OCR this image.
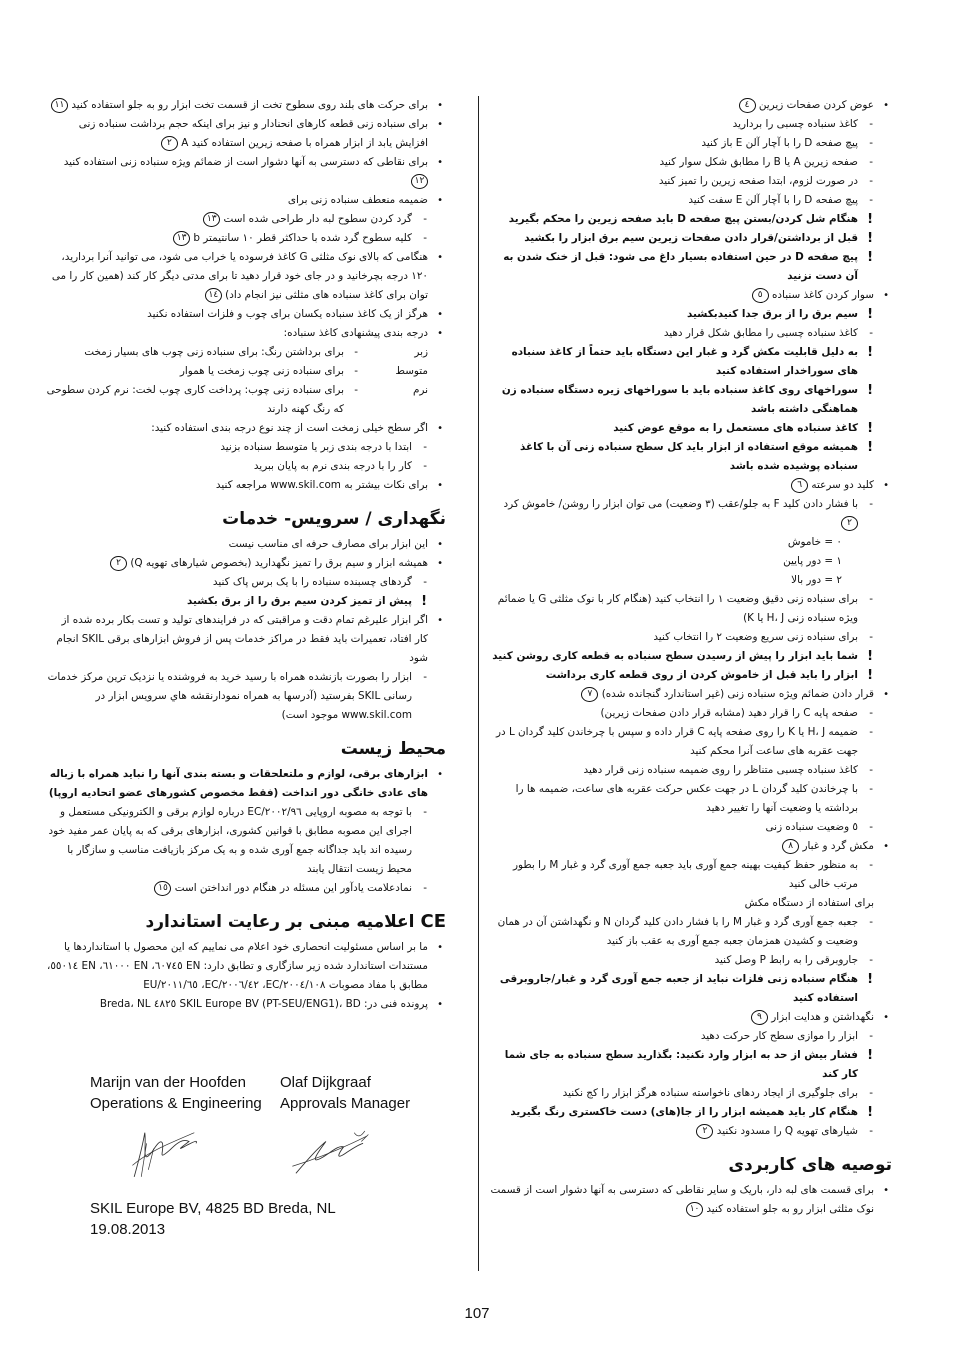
• عوض کردن صفحات زیرین ٤
- کاغذ سنباده چسبی را بردارید
- پیچ صفحه D را با آچار آلن E باز کنید
- صفحه زیرین A یا B را مطابق شکل سوار کنید
- در صورت لزوم، ابتدا صفحه زیرین را تمیز کنید
- پیچ صفحه D را با آچار آلن E سفت کنید
! هنگام شل کردن/بستن پیچ صفحه D باید صفحه زیرین را محکم بگیرید
! قبل از برداشتن/قرار دادن صفحات زیرین سیم برق ابزار را بکشید
! پیچ صفحه D در حین استفاده بسیار داغ می شود: قبل از خنک شدن به آن دست نزنید
• سوار کردن کاغذ سنباده ٥
! سیم برق را از برق جدا کنیدبکشید
- کاغذ سنباده چسبی را مطابق شکل قرار دهید
! به دلیل قابلیت مکش گرد و غبار این دستگاه باید حتماً از کاغذ سنباده های سوراخدار استفاده کنید
! سوراخهای روی کاغذ سنباده باید با سوراخهای زیره دستگاه سنباده زن هماهنگی داشته باشد
! کاغذ سنباده های مستعمل را به موقع عوض کنید
! همیشه موقع استفاده از ابزار باید کل سطح سنباده زنی آن با کاغذ سنباده پوشیده شده باشد
• کلید دو سرعته ٦
- با فشار دادن کلید F به جلو/عقب (٣ وضعیت) می توان ابزار را روشن/ خاموش کرد ٢
٠ = خاموش
١ = دور پایین
٢ = دور بالا
- برای سنباده زنی دقیق وضعیت ١ را انتخاب کنید (هنگام کار با نوک مثلثی G یا ضمائم ویژه سنباده زنی H، J یا K)
- برای سنباده زنی سریع وضعیت ٢ را انتخاب کنید
! شما باید ابزار را پیش از رسیدن سطح سنباده به قطعه کاری روشن کنید
! ابزار را باید قبل از خاموش کردن از روی قطعه کاری برداشت
• قرار دادن ضمائم ویژه سنباده زنی (غیر استاندارد گنجانده شده) ٧
- صفحه پایه C را قرار دهید (مشابه قرار دادن صفحات زیرین)
- ضمیمه H، J یا K را روی صفحه پایه C قرار داده و سپس با چرخاندن کلید گردان L در جهت عقربه های ساعت آنرا محکم کنید
- کاغذ سنباده چسبی متناظر را روی ضمیمه سنباده زنی قرار دهید
- با چرخاندن کلید گردان L در جهت عکس حرکت عقربه های ساعت، ضمیمه ها را برداشته یا وضعیت آنها را تغییر دهید
- ٥ وضعیت سنباده زنی
• مکش گرد و غبار ٨
- به منظور حفظ کیفیت بهینه جمع آوری باید جعبه جمع آوری گرد و غبار M را بطور مرتب خالی کنید
برای استفاده از دستگاه مکش
- جعبه جمع آوری گرد و غبار M را با فشار دادن کلید گردان N و نگهداشتن آن در همان وضعیت و کشیدن همزمان جعبه جمع آوری به عقب باز کنید
- جاروبرقی را به رابط P وصل کنید
! هنگام سنباده زنی فلزات نباید از جعبه جمع آوری گرد و غبار/جاروبرقی استفاده کنید
• نگهداشتن و هدایت ابزار ٩
- ابزار را موازی سطح کار حرکت دهید
! فشار بیش از حد به ابزار وارد نکنید: بگذارید سطح سنباده به جای شما کار کند
- برای جلوگیری از ایجاد ردهای ناخواسته سنباده هرگز ابزار را کج نکنید
! هنگام کار باید همیشه ابزار را از جا(های) دست خاکستری رنگ بگیرید
- شیارهای تهویه Q را مسدود نکنید ٢
توصیه های کاربردی
• برای قسمت های لبه دار، باریک و سایر نقاطی که دسترسی به آنها دشوار است از قسمت نوک مثلثی ابزار رو به جلو استفاده کنید ١٠
• برای حرکت های بلند روی سطوح تخت از قسمت تخت ابزار رو به جلو استفاده کنید ١١
• برای سنباده زنی قطعه کارهای انحنادار و نیز برای اینکه حجم برداشت سنباده زنی افزایش یابد از ابزار همراه با صفحه زیرین استفاده کنید A ٢
• برای نقاطی که دسترسی به آنها دشوار است از ضمائم ویژه سنباده زنی استفاده کنید ١٢
• ضمیمه منعطف سنباده زنی برای
- گرد کردن سطوح لبه دار طراحی شده است ١٣
- کلیه سطوح گرد شده با حداکثر قطر ١٠ سانتیمتر b ١٣
• هنگامی که بالای نوک مثلثی G کاغذ فرسوده یا خراب می شود، می توانید آنرا بردارید، ١٢٠ درجه بچرخانید و در جای خود قرار دهید تا برای مدتی دیگر کار کند (همین کار را می توان برای کاغذ سنباده های مثلثی نیز انجام داد) ١٤
• هرگز از یک کاغذ سنباده یکسان برای چوب و فلزات استفاده نکنید
• درجه بندی پیشنهادی کاغذ سنباده:
زبر
- برای برداشتن رنگ: برای سنباده زنی چوب های بسیار زمخت
متوسط
- برای سنباده زنی چوب زمخت یا هموار
نرم
- برای سنباده زنی چوب: پرداخت کاری چوب لخت: نرم کردن سطوحی که رنگ کهنه دارند
• اگر سطح خیلی زمخت است از چند نوع درجه بندی استفاده کنید:
- ابتدا با درجه بندی زبر یا متوسط سنباده بزنید
- کار را با درجه بندی نرم به پایان ببرید
• برای نکات بیشتر به www.skil.com مراجعه کنید
نگهداری / سرویس- خدمات
• این ابزار برای مصارف حرفه ای مناسب نیست
• همیشه ابزار و سیم برق را تمیز نگهدارید (بخصوص شیارهای تهویه Q) ٢
- گردهای چسبنده سنباده را با یک برس پاک کنید
! پیش از تمیز کردن سیم برق را از برق بکشید
• اگر ابزار علیرغم تمام دقت و مراقبتی که در فرایندهای تولید و تست بکار برده شده از کار افتاد، تعمیرات باید فقط در مراکز خدمات پس از فروش ابزارهای برقی SKIL انجام شود
- ابزار را بصورت بازنشده همراه با رسید خرید به فروشنده یا نزدیک ترین مرکز خدمات رسانی SKIL بفرستید (آدرسها به همراه نمودارنقشه هاي سرويس ابزار در www.skil.com موجود است)
محیط زیست
• ابزارهای برقی، لوازم و ملتعلحقات و بسته بندی آنها را نباید همراه با زباله های عادی خانگی دور انداخت (فقط مخصوص کشورهای عضو اتحادیه اروپا)
- با توجه به مصوبه اروپایی ٢٠٠٢/٩٦/EC درباره لوازم برقی و الکترونیکی مستعمل و اجرای این مصوبه مطابق با قوانین کشوری، ابزارهای برقی که به پایان عمر مفید خود رسیده اند باید جداگانه جمع آوری شده و به یک مرکز بازیافت مناسب و سازگار با محیط زیست انتقال یابند
- نمادعلامت یادآور این مسئله در هنگام دور انداختن است ١٥
CEاعلامیه مبنی بر رعایت استاندارد
• ما بر اساس مسئولیت انحصاری خود اعلام می نماییم که این محصول با استانداردها یا مستندات استاندارد شده زیر سازگاری و تطابق دارد: EN ٦٠٧٤٥، EN ٦١٠٠٠، EN ٥٥٠١٤، مطابق با مفاد مصوبات ٢٠٠٤/١٠٨/EC، ٢٠٠٦/٤٢/EC، ٢٠١١/٦٥/EU
• پرونده فنی در: SKIL Europe BV (PT-SEU/ENG1)، BD ٤٨٢٥ Breda، NL
Marijn van der Hoofden
Operations & Engineering
Olaf Dijkgraaf
Approvals Manager
SKIL Europe BV, 4825 BD Breda, NL
19.08.2013
107
